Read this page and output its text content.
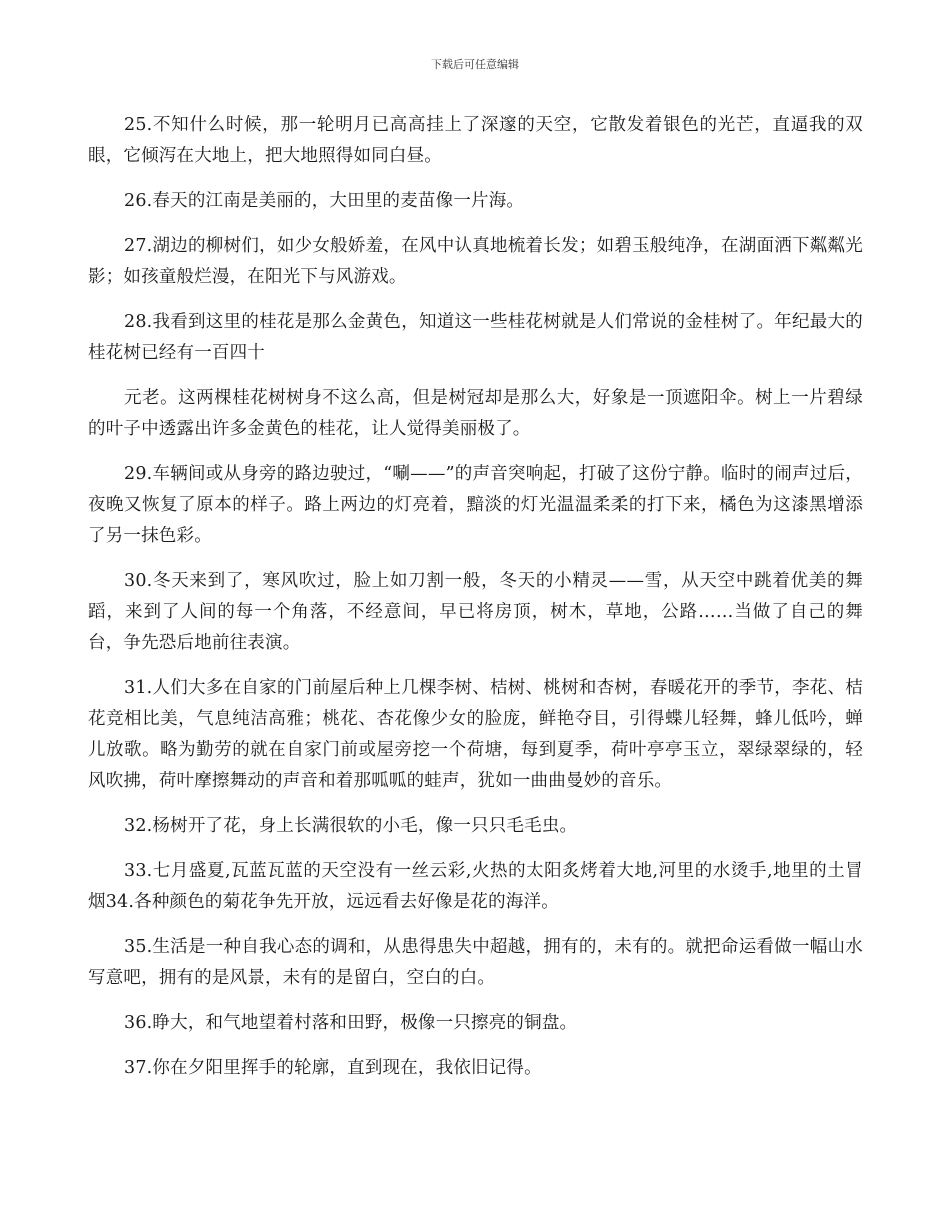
下载后可任意编辑

25.不知什么时候，那一轮明月已高高挂上了深邃的天空，它散发着银色的光芒，直逼我的双眼，它倾泻在大地上，把大地照得如同白昼。

26.春天的江南是美丽的，大田里的麦苗像一片海。

27.湖边的柳树们，如少女般娇羞，在风中认真地梳着长发；如碧玉般纯净，在湖面洒下粼粼光影；如孩童般烂漫，在阳光下与风游戏。

28.我看到这里的桂花是那么金黄色，知道这一些桂花树就是人们常说的金桂树了。年纪最大的桂花树已经有一百四十

元老。这两棵桂花树树身不这么高，但是树冠却是那么大，好象是一顶遮阳伞。树上一片碧绿的叶子中透露出许多金黄色的桂花，让人觉得美丽极了。

29.车辆间或从身旁的路边驶过，“唰——”的声音突响起，打破了这份宁静。临时的闹声过后，夜晚又恢复了原本的样子。路上两边的灯亮着，黯淡的灯光温温柔柔的打下来，橘色为这漆黑增添了另一抹色彩。

30.冬天来到了，寒风吹过，脸上如刀割一般，冬天的小精灵——雪，从天空中跳着优美的舞蹈，来到了人间的每一个角落，不经意间，早已将房顶，树木，草地，公路……当做了自己的舞台，争先恐后地前往表演。

31.人们大多在自家的门前屋后种上几棵李树、桔树、桃树和杏树，春暖花开的季节，李花、桔花竞相比美，气息纯洁高雅；桃花、杏花像少女的脸庞，鲜艳夺目，引得蝶儿轻舞，蜂儿低吟，蝉儿放歌。略为勤劳的就在自家门前或屋旁挖一个荷塘，每到夏季，荷叶亭亭玉立，翠绿翠绿的，轻风吹拂，荷叶摩擦舞动的声音和着那呱呱的蛙声，犹如一曲曲曼妙的音乐。

32.杨树开了花，身上长满很软的小毛，像一只只毛毛虫。

33.七月盛夏,瓦蓝瓦蓝的天空没有一丝云彩,火热的太阳炙烤着大地,河里的水烫手,地里的土冒烟34.各种颜色的菊花争先开放，远远看去好像是花的海洋。

35.生活是一种自我心态的调和，从患得患失中超越，拥有的，未有的。就把命运看做一幅山水写意吧，拥有的是风景，未有的是留白，空白的白。

36.睁大，和气地望着村落和田野，极像一只擦亮的铜盘。

37.你在夕阳里挥手的轮廓，直到现在，我依旧记得。
